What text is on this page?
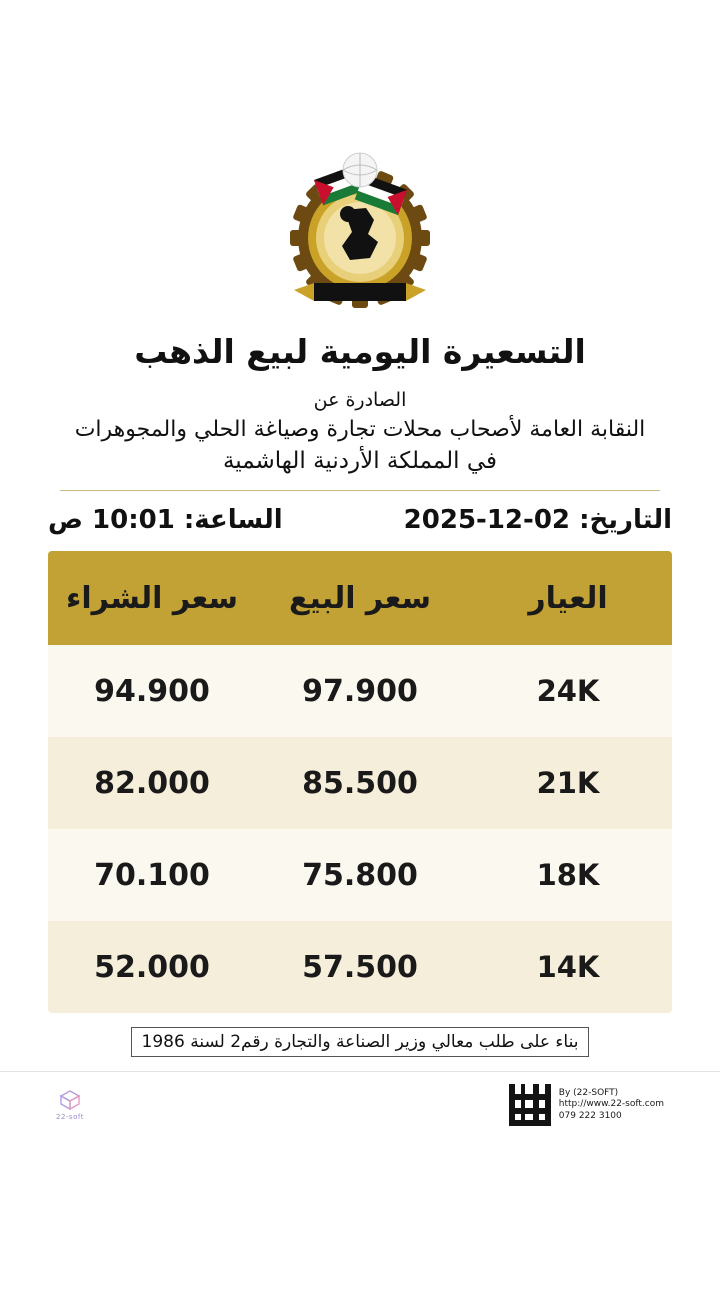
التسعيرة اليومية لبيع الذهب
الصادرة عن
النقابة العامة لأصحاب محلات تجارة وصياغة الحلي والمجوهرات
في المملكة الأردنية الهاشمية
التاريخ: 02-12-2025
الساعة: 10:01 ص
العيار
سعر البيع
سعر الشراء
24K
97.900
94.900
21K
85.500
82.000
18K
75.800
70.100
14K
57.500
52.000
بناء على طلب معالي وزير الصناعة والتجارة رقم2 لسنة 1986
22-soft
By (22-SOFT)
http://www.22-soft.com
079 222 3100
